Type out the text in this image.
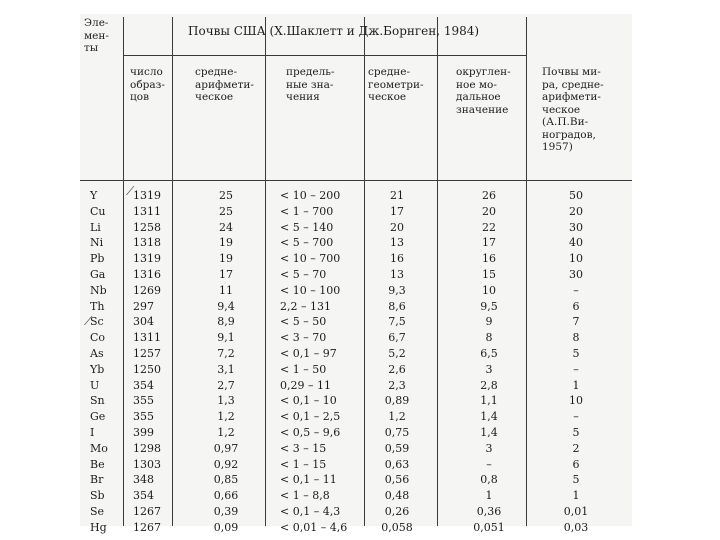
Эле-
мен-
ты
Почвы США (Х.Шаклетт и Дж.Борнген, 1984)
число
образ-
цов
средне-
арифмети-
ческое
предель-
ные зна-
чения
средне-
геометри-
ческое
округлен-
ное мо-
дальное
значение
Почвы ми-
ра, средне-
арифмети-
ческое
(А.П.Ви-
ноградов,
1957)
Y	1319	25	< 10 – 200	21	26	50
Cu 1311	25	< 1 – 700	17	20	20
Li	1258	24	< 5 – 140	20	22	30
Ni	1318	19	< 5 – 700	13	17	40
Pb	1319	19	< 10 – 700	16	16	10
Ga	1316	17	< 5 – 70	13	15	30
Nb 1269	11	< 10 – 100	9,3	10	–
Th	297	9,4	2,2 – 131	8,6	9,5	6
Sc	304	8,9	< 5 – 50	7,5	9	7
Co	1311	9,1	< 3 – 70	6,7	8	8
As	1257	7,2	< 0,1 – 97	5,2	6,5	5
Yb	1250	3,1	< 1 – 50	2,6	3	–
U	354	2,7	0,29 – 11	2,3	2,8	1
Sn	355	1,3	< 0,1 – 10	0,89	1,1	10
Ge	355	1,2	< 0,1 – 2,5	1,2	1,4	–
I	399	1,2	< 0,5 – 9,6	0,75	1,4	5
Mo 1298	0,97	< 3 – 15	0,59	3	2
Be	1303	0,92	< 1 – 15	0,63	–	6
Br	348	0,85	< 0,1 – 11	0,56	0,8	5
Sb	354	0,66	< 1 – 8,8	0,48	1	1
Se	1267	0,39	< 0,1 – 4,3	0,26	0,36	0,01
Hg 1267	0,09	< 0,01 – 4,6	0,058	0,051	0,03
⟋
⟋
